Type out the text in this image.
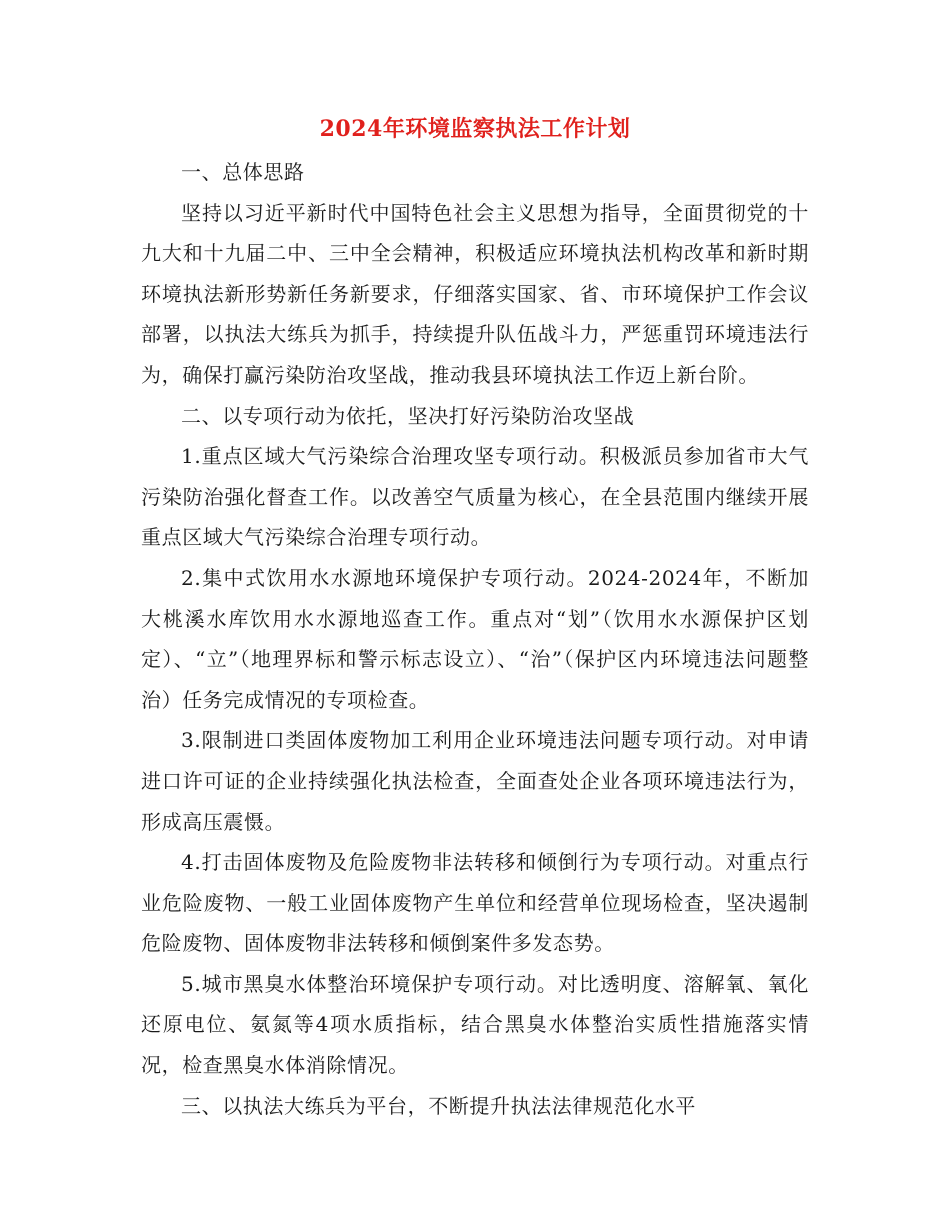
2024年环境监察执法工作计划

一、总体思路

坚持以习近平新时代中国特色社会主义思想为指导，全面贯彻党的十九大和十九届二中、三中全会精神，积极适应环境执法机构改革和新时期环境执法新形势新任务新要求，仔细落实国家、省、市环境保护工作会议部署，以执法大练兵为抓手，持续提升队伍战斗力，严惩重罚环境违法行为，确保打赢污染防治攻坚战，推动我县环境执法工作迈上新台阶。

二、以专项行动为依托，坚决打好污染防治攻坚战

1.重点区域大气污染综合治理攻坚专项行动。积极派员参加省市大气污染防治强化督查工作。以改善空气质量为核心，在全县范围内继续开展重点区域大气污染综合治理专项行动。

2.集中式饮用水水源地环境保护专项行动。2024-2024年，不断加大桃溪水库饮用水水源地巡查工作。重点对“划”（饮用水水源保护区划定）、“立”（地理界标和警示标志设立）、“治”（保护区内环境违法问题整治）任务完成情况的专项检查。

3.限制进口类固体废物加工利用企业环境违法问题专项行动。对申请进口许可证的企业持续强化执法检查，全面查处企业各项环境违法行为，形成高压震慑。

4.打击固体废物及危险废物非法转移和倾倒行为专项行动。对重点行业危险废物、一般工业固体废物产生单位和经营单位现场检查，坚决遏制危险废物、固体废物非法转移和倾倒案件多发态势。

5.城市黑臭水体整治环境保护专项行动。对比透明度、溶解氧、氧化还原电位、氨氮等4项水质指标，结合黑臭水体整治实质性措施落实情况，检查黑臭水体消除情况。

三、以执法大练兵为平台，不断提升执法法律规范化水平
